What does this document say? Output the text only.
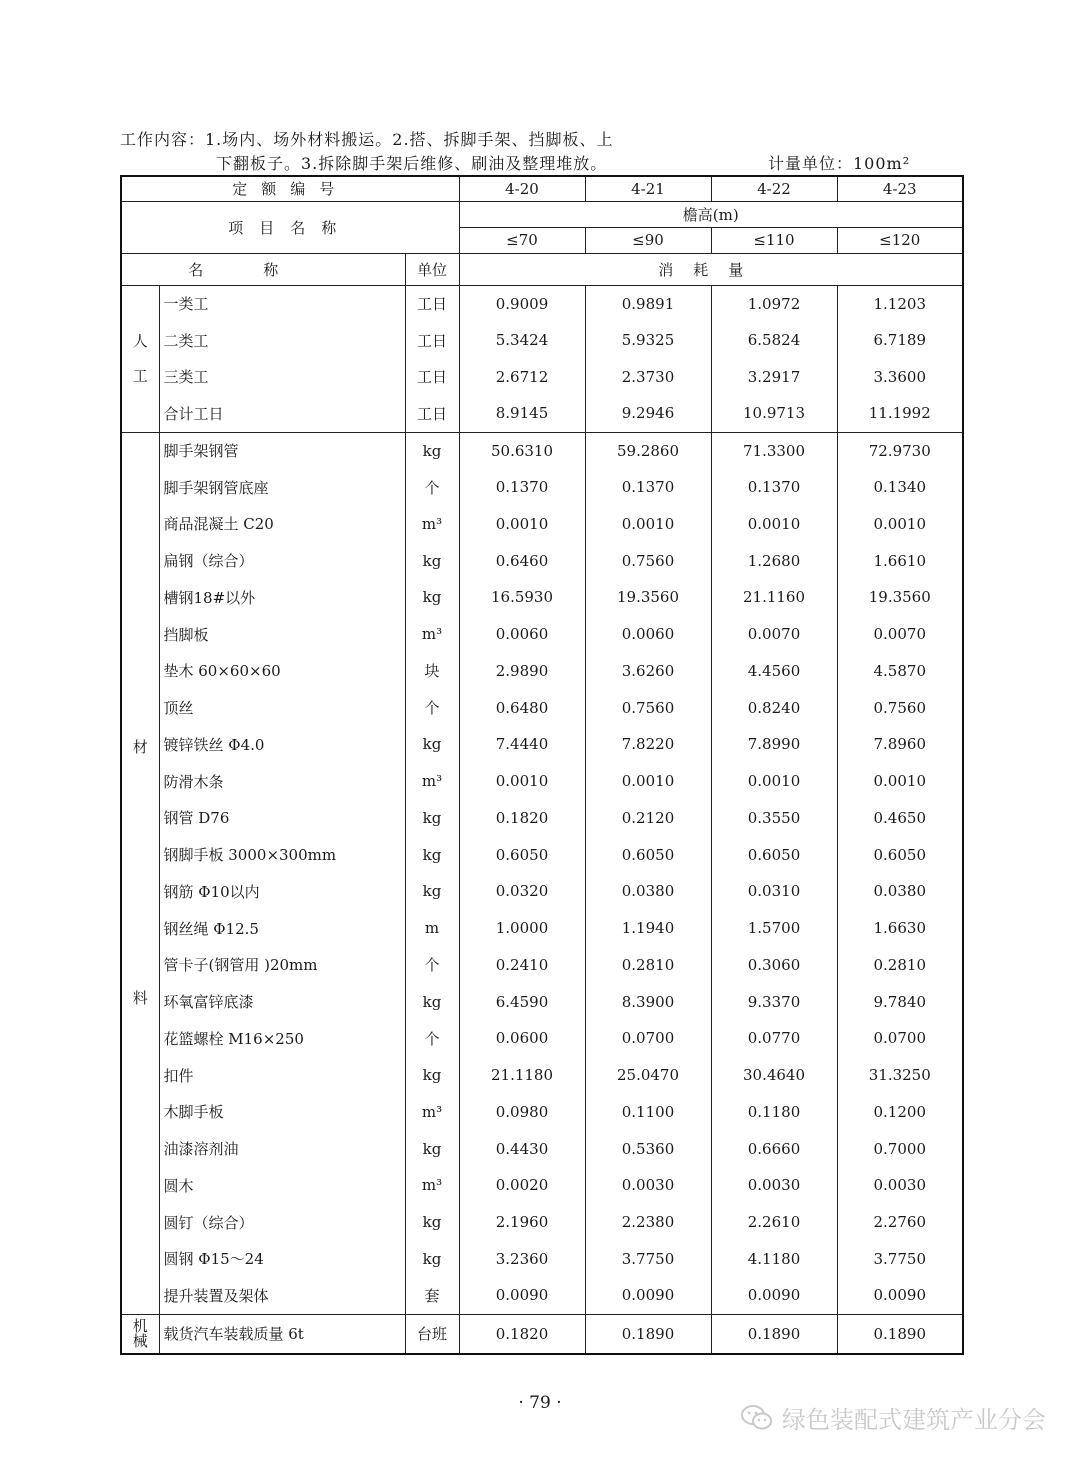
工作内容：1.场内、场外材料搬运。2.搭、拆脚手架、挡脚板、上
下翻板子。3.拆除脚手架后维修、刷油及整理堆放。	计量单位：100m²
定额编号			4-20	4-21	4-22	4-23
项目名称			檐高(m)			
			≤70	≤90	≤110	≤120
名称		单位	消耗量			

人
工	一类工	工日	0.9009	0.9891	1.0972	1.1203
	二类工	工日	5.3424	5.9325	6.5824	6.7189
	三类工	工日	2.6712	2.3730	3.2917	3.3600
	合计工日	工日	8.9145	9.2946	10.9713	11.1992

材
料	脚手架钢管	kg	50.6310	59.2860	71.3300	72.9730
	脚手架钢管底座	个	0.1370	0.1370	0.1370	0.1340
	商品混凝土 C20	m³	0.0010	0.0010	0.0010	0.0010
	扁钢（综合）	kg	0.6460	0.7560	1.2680	1.6610
	槽钢18#以外	kg	16.5930	19.3560	21.1160	19.3560
	挡脚板	m³	0.0060	0.0060	0.0070	0.0070
	垫木 60×60×60	块	2.9890	3.6260	4.4560	4.5870
	顶丝	个	0.6480	0.7560	0.8240	0.7560
	镀锌铁丝 Φ4.0	kg	7.4440	7.8220	7.8990	7.8960
	防滑木条	m³	0.0010	0.0010	0.0010	0.0010
	钢管 D76	kg	0.1820	0.2120	0.3550	0.4650
	钢脚手板 3000×300mm	kg	0.6050	0.6050	0.6050	0.6050
	钢筋 Φ10以内	kg	0.0320	0.0380	0.0310	0.0380
	钢丝绳 Φ12.5	m	1.0000	1.1940	1.5700	1.6630
	管卡子(钢管用 )20mm	个	0.2410	0.2810	0.3060	0.2810
	环氧富锌底漆	kg	6.4590	8.3900	9.3370	9.7840
	花篮螺栓 M16×250	个	0.0600	0.0700	0.0770	0.0700
	扣件	kg	21.1180	25.0470	30.4640	31.3250
	木脚手板	m³	0.0980	0.1100	0.1180	0.1200
	油漆溶剂油	kg	0.4430	0.5360	0.6660	0.7000
	圆木	m³	0.0020	0.0030	0.0030	0.0030
	圆钉（综合）	kg	2.1960	2.2380	2.2610	2.2760
	圆钢 Φ15～24	kg	3.2360	3.7750	4.1180	3.7750
	提升装置及架体	套	0.0090	0.0090	0.0090	0.0090

机
械	载货汽车装载质量 6t	台班	0.1820	0.1890	0.1890	0.1890
· 79 ·
绿色装配式建筑产业分会
